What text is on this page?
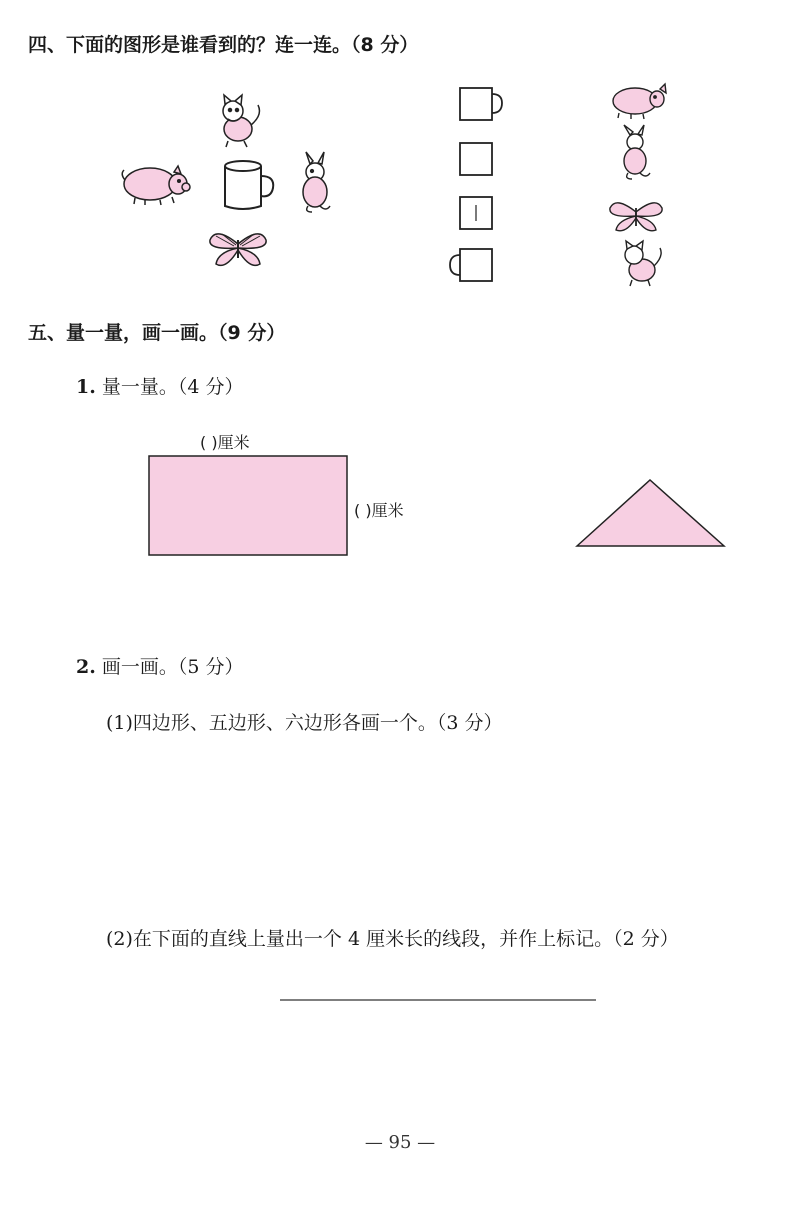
四、下面的图形是谁看到的？连一连。（8 分）
五、量一量，画一画。（9 分）
1. 量一量。（4 分）
( )厘米
( )厘米
2. 画一画。（5 分）
(1)四边形、五边形、六边形各画一个。（3 分）
(2)在下面的直线上量出一个 4 厘米长的线段，并作上标记。（2 分）
— 95 —
